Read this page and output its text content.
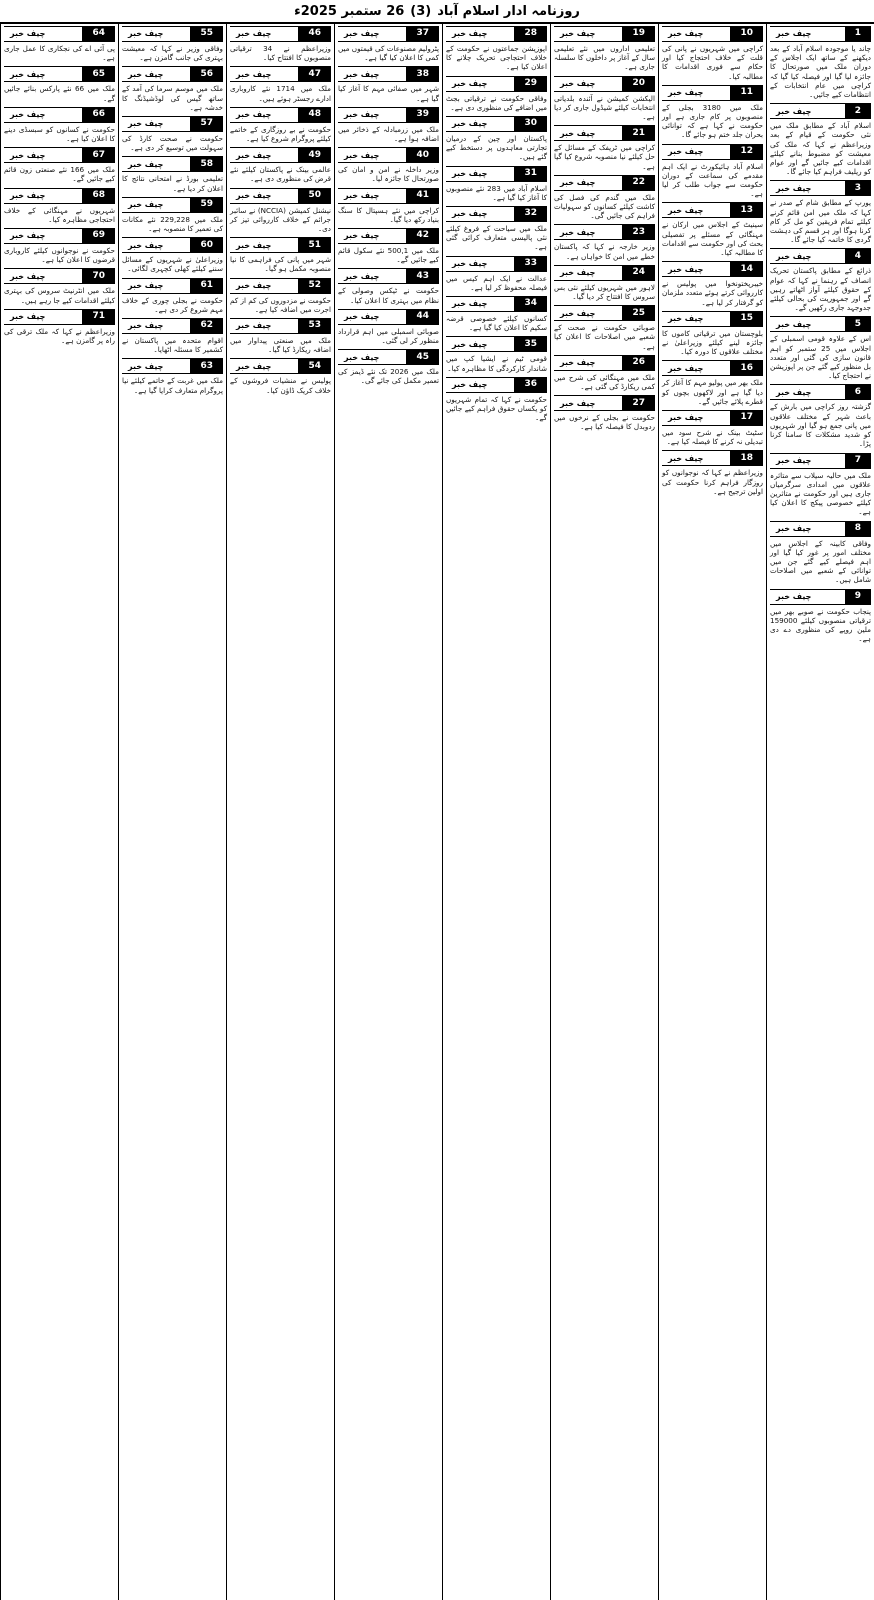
روزنامہ ادار اسلام آباد
(3)
26 ستمبر 2025ء
1
چیف خبر
چاند یا موجودہ اسلام آباد کے بعد دیکھنے کے ساتھ ایک اجلاس کے دوران ملک میں صورتحال کا جائزہ لیا گیا اور فیصلہ کیا گیا کہ کراچی میں عام انتخابات کے انتظامات کیے جائیں۔
2
چیف خبر
اسلام آباد کے مطابق ملک میں نئی حکومت کے قیام کے بعد وزیراعظم نے کہا کہ ملک کی معیشت کو مضبوط بنانے کیلئے اقدامات کیے جائیں گے اور عوام کو ریلیف فراہم کیا جائے گا۔
3
چیف خبر
یورپ کے مطابق شام کے صدر نے کہا کہ ملک میں امن قائم کرنے کیلئے تمام فریقین کو مل کر کام کرنا ہوگا اور ہر قسم کی دہشت گردی کا خاتمہ کیا جائے گا۔
4
چیف خبر
ذرائع کے مطابق پاکستان تحریک انصاف کے رہنما نے کہا کہ عوام کے حقوق کیلئے آواز اٹھاتے رہیں گے اور جمہوریت کی بحالی کیلئے جدوجہد جاری رکھیں گے۔
5
چیف خبر
اس کے علاوہ قومی اسمبلی کے اجلاس میں 25 ستمبر کو اہم قانون سازی کی گئی اور متعدد بل منظور کیے گئے جن پر اپوزیشن نے احتجاج کیا۔
6
چیف خبر
گزشتہ روز کراچی میں بارش کے باعث شہر کے مختلف علاقوں میں پانی جمع ہو گیا اور شہریوں کو شدید مشکلات کا سامنا کرنا پڑا۔
7
چیف خبر
ملک میں حالیہ سیلاب سے متاثرہ علاقوں میں امدادی سرگرمیاں جاری ہیں اور حکومت نے متاثرین کیلئے خصوصی پیکج کا اعلان کیا ہے۔
8
چیف خبر
وفاقی کابینہ کے اجلاس میں مختلف امور پر غور کیا گیا اور اہم فیصلے کیے گئے جن میں توانائی کے شعبے میں اصلاحات شامل ہیں۔
9
چیف خبر
پنجاب حکومت نے صوبے بھر میں ترقیاتی منصوبوں کیلئے 159000 ملین روپے کی منظوری دے دی ہے۔
10
چیف خبر
کراچی میں شہریوں نے پانی کی قلت کے خلاف احتجاج کیا اور حکام سے فوری اقدامات کا مطالبہ کیا۔
11
چیف خبر
ملک میں 3180 بجلی کے منصوبوں پر کام جاری ہے اور حکومت نے کہا ہے کہ توانائی بحران جلد ختم ہو جائے گا۔
12
چیف خبر
اسلام آباد ہائیکورٹ نے ایک اہم مقدمے کی سماعت کے دوران حکومت سے جواب طلب کر لیا ہے۔
13
چیف خبر
سینیٹ کے اجلاس میں ارکان نے مہنگائی کے مسئلے پر تفصیلی بحث کی اور حکومت سے اقدامات کا مطالبہ کیا۔
14
چیف خبر
خیبرپختونخوا میں پولیس نے کارروائی کرتے ہوئے متعدد ملزمان کو گرفتار کر لیا ہے۔
15
چیف خبر
بلوچستان میں ترقیاتی کاموں کا جائزہ لینے کیلئے وزیراعلیٰ نے مختلف علاقوں کا دورہ کیا۔
16
چیف خبر
ملک بھر میں پولیو مہم کا آغاز کر دیا گیا ہے اور لاکھوں بچوں کو قطرے پلائے جائیں گے۔
17
چیف خبر
سٹیٹ بینک نے شرح سود میں تبدیلی نہ کرنے کا فیصلہ کیا ہے۔
18
چیف خبر
وزیراعظم نے کہا کہ نوجوانوں کو روزگار فراہم کرنا حکومت کی اولین ترجیح ہے۔
19
چیف خبر
تعلیمی اداروں میں نئے تعلیمی سال کے آغاز پر داخلوں کا سلسلہ جاری ہے۔
20
چیف خبر
الیکشن کمیشن نے آئندہ بلدیاتی انتخابات کیلئے شیڈول جاری کر دیا ہے۔
21
چیف خبر
کراچی میں ٹریفک کے مسائل کے حل کیلئے نیا منصوبہ شروع کیا گیا ہے۔
22
چیف خبر
ملک میں گندم کی فصل کی کاشت کیلئے کسانوں کو سہولیات فراہم کی جائیں گی۔
23
چیف خبر
وزیر خارجہ نے کہا کہ پاکستان خطے میں امن کا خواہاں ہے۔
24
چیف خبر
لاہور میں شہریوں کیلئے نئی بس سروس کا افتتاح کر دیا گیا۔
25
چیف خبر
صوبائی حکومت نے صحت کے شعبے میں اصلاحات کا اعلان کیا ہے۔
26
چیف خبر
ملک میں مہنگائی کی شرح میں کمی ریکارڈ کی گئی ہے۔
27
چیف خبر
حکومت نے بجلی کے نرخوں میں ردوبدل کا فیصلہ کیا ہے۔
28
چیف خبر
اپوزیشن جماعتوں نے حکومت کے خلاف احتجاجی تحریک چلانے کا اعلان کیا ہے۔
29
چیف خبر
وفاقی حکومت نے ترقیاتی بجٹ میں اضافے کی منظوری دی ہے۔
30
چیف خبر
پاکستان اور چین کے درمیان تجارتی معاہدوں پر دستخط کیے گئے ہیں۔
31
چیف خبر
اسلام آباد میں 283 نئے منصوبوں کا آغاز کیا گیا ہے۔
32
چیف خبر
ملک میں سیاحت کے فروغ کیلئے نئی پالیسی متعارف کرائی گئی ہے۔
33
چیف خبر
عدالت نے ایک اہم کیس میں فیصلہ محفوظ کر لیا ہے۔
34
چیف خبر
کسانوں کیلئے خصوصی قرضہ سکیم کا اعلان کیا گیا ہے۔
35
چیف خبر
قومی ٹیم نے ایشیا کپ میں شاندار کارکردگی کا مظاہرہ کیا۔
36
چیف خبر
حکومت نے کہا کہ تمام شہریوں کو یکساں حقوق فراہم کیے جائیں گے۔
37
چیف خبر
پٹرولیم مصنوعات کی قیمتوں میں کمی کا اعلان کیا گیا ہے۔
38
چیف خبر
شہر میں صفائی مہم کا آغاز کیا گیا ہے۔
39
چیف خبر
ملک میں زرمبادلہ کے ذخائر میں اضافہ ہوا ہے۔
40
چیف خبر
وزیر داخلہ نے امن و امان کی صورتحال کا جائزہ لیا۔
41
چیف خبر
کراچی میں نئے ہسپتال کا سنگ بنیاد رکھ دیا گیا۔
42
چیف خبر
ملک میں 500,1 نئے سکول قائم کیے جائیں گے۔
43
چیف خبر
حکومت نے ٹیکس وصولی کے نظام میں بہتری کا اعلان کیا۔
44
چیف خبر
صوبائی اسمبلی میں اہم قرارداد منظور کر لی گئی۔
45
چیف خبر
ملک میں 2026 تک نئے ڈیمز کی تعمیر مکمل کی جائے گی۔
46
چیف خبر
وزیراعظم نے 34 ترقیاتی منصوبوں کا افتتاح کیا۔
47
چیف خبر
ملک میں 1714 نئے کاروباری ادارے رجسٹر ہوئے ہیں۔
48
چیف خبر
حکومت نے بے روزگاری کے خاتمے کیلئے پروگرام شروع کیا ہے۔
49
چیف خبر
عالمی بینک نے پاکستان کیلئے نئے قرض کی منظوری دی ہے۔
50
چیف خبر
نیشنل کمیشن (NCCIA) نے سائبر جرائم کے خلاف کارروائی تیز کر دی۔
51
چیف خبر
شہر میں پانی کی فراہمی کا نیا منصوبہ مکمل ہو گیا۔
52
چیف خبر
حکومت نے مزدوروں کی کم از کم اجرت میں اضافہ کیا ہے۔
53
چیف خبر
ملک میں صنعتی پیداوار میں اضافہ ریکارڈ کیا گیا۔
54
چیف خبر
پولیس نے منشیات فروشوں کے خلاف کریک ڈاؤن کیا۔
55
چیف خبر
وفاقی وزیر نے کہا کہ معیشت بہتری کی جانب گامزن ہے۔
56
چیف خبر
ملک میں موسم سرما کی آمد کے ساتھ گیس کی لوڈشیڈنگ کا خدشہ ہے۔
57
چیف خبر
حکومت نے صحت کارڈ کی سہولت میں توسیع کر دی ہے۔
58
چیف خبر
تعلیمی بورڈ نے امتحانی نتائج کا اعلان کر دیا ہے۔
59
چیف خبر
ملک میں 229,228 نئے مکانات کی تعمیر کا منصوبہ ہے۔
60
چیف خبر
وزیراعلیٰ نے شہریوں کے مسائل سننے کیلئے کھلی کچہری لگائی۔
61
چیف خبر
حکومت نے بجلی چوری کے خلاف مہم شروع کر دی ہے۔
62
چیف خبر
اقوام متحدہ میں پاکستان نے کشمیر کا مسئلہ اٹھایا۔
63
چیف خبر
ملک میں غربت کے خاتمے کیلئے نیا پروگرام متعارف کرایا گیا ہے۔
64
چیف خبر
پی آئی اے کی نجکاری کا عمل جاری ہے۔
65
چیف خبر
ملک میں 66 نئے پارکس بنائے جائیں گے۔
66
چیف خبر
حکومت نے کسانوں کو سبسڈی دینے کا اعلان کیا ہے۔
67
چیف خبر
ملک میں 166 نئے صنعتی زون قائم کیے جائیں گے۔
68
چیف خبر
شہریوں نے مہنگائی کے خلاف احتجاجی مظاہرہ کیا۔
69
چیف خبر
حکومت نے نوجوانوں کیلئے کاروباری قرضوں کا اعلان کیا ہے۔
70
چیف خبر
ملک میں انٹرنیٹ سروس کی بہتری کیلئے اقدامات کیے جا رہے ہیں۔
71
چیف خبر
وزیراعظم نے کہا کہ ملک ترقی کی راہ پر گامزن ہے۔
